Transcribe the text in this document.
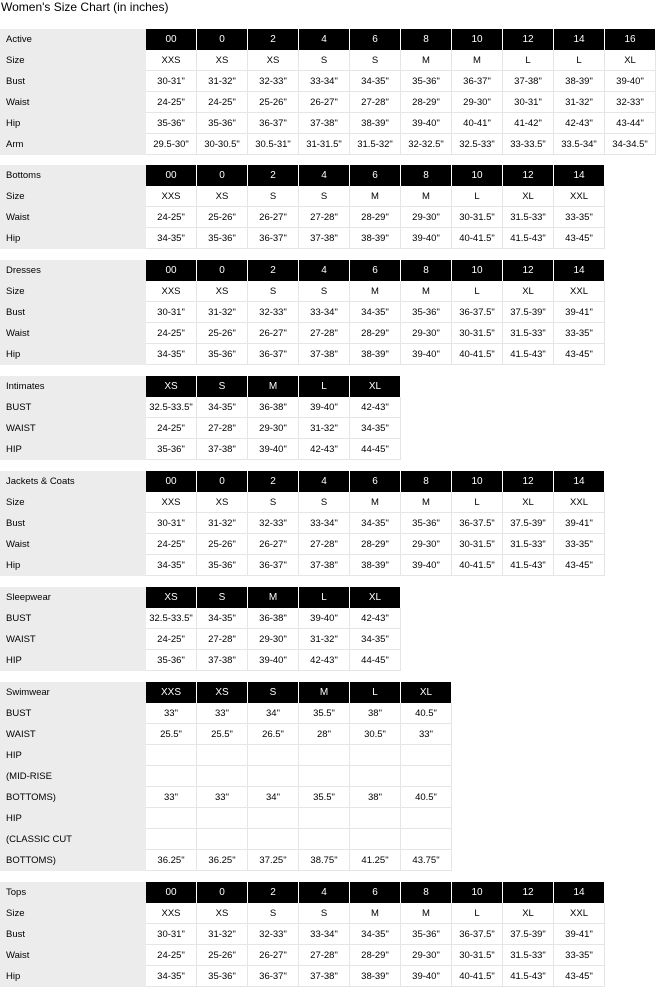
Women's Size Chart (in inches)
Active	00	0	2	4	6	8	10	12	14	16
Size	XXS	XS	XS	S	S	M	M	L	L	XL
Bust	30-31"	31-32"	32-33"	33-34"	34-35"	35-36"	36-37"	37-38"	38-39"	39-40"
Waist	24-25"	24-25"	25-26"	26-27"	27-28"	28-29"	29-30"	30-31"	31-32"	32-33"
Hip	35-36"	35-36"	36-37"	37-38"	38-39"	39-40"	40-41"	41-42"	42-43"	43-44"
Arm	29.5-30"	30-30.5"	30.5-31"	31-31.5"	31.5-32"	32-32.5"	32.5-33"	33-33.5"	33.5-34"	34-34.5"
Bottoms	00	0	2	4	6	8	10	12	14
Size	XXS	XS	S	S	M	M	L	XL	XXL
Waist	24-25"	25-26"	26-27"	27-28"	28-29"	29-30"	30-31.5"	31.5-33"	33-35"
Hip	34-35"	35-36"	36-37"	37-38"	38-39"	39-40"	40-41.5"	41.5-43"	43-45"
Dresses	00	0	2	4	6	8	10	12	14
Size	XXS	XS	S	S	M	M	L	XL	XXL
Bust	30-31"	31-32"	32-33"	33-34"	34-35"	35-36"	36-37.5"	37.5-39"	39-41"
Waist	24-25"	25-26"	26-27"	27-28"	28-29"	29-30"	30-31.5"	31.5-33"	33-35"
Hip	34-35"	35-36"	36-37"	37-38"	38-39"	39-40"	40-41.5"	41.5-43"	43-45"
Intimates	XS	S	M	L	XL
BUST	32.5-33.5"	34-35"	36-38"	39-40"	42-43"
WAIST	24-25"	27-28"	29-30"	31-32"	34-35"
HIP	35-36"	37-38"	39-40"	42-43"	44-45"
Jackets & Coats	00	0	2	4	6	8	10	12	14
Size	XXS	XS	S	S	M	M	L	XL	XXL
Bust	30-31"	31-32"	32-33"	33-34"	34-35"	35-36"	36-37.5"	37.5-39"	39-41"
Waist	24-25"	25-26"	26-27"	27-28"	28-29"	29-30"	30-31.5"	31.5-33"	33-35"
Hip	34-35"	35-36"	36-37"	37-38"	38-39"	39-40"	40-41.5"	41.5-43"	43-45"
Sleepwear	XS	S	M	L	XL
BUST	32.5-33.5"	34-35"	36-38"	39-40"	42-43"
WAIST	24-25"	27-28"	29-30"	31-32"	34-35"
HIP	35-36"	37-38"	39-40"	42-43"	44-45"
Swimwear	XXS	XS	S	M	L	XL
BUST	33"	33"	34"	35.5"	38"	40.5"
WAIST	25.5"	25.5"	26.5"	28"	30.5"	33"
HIP
(MID-RISE
BOTTOMS)	33"	33"	34"	35.5"	38"	40.5"
HIP
(CLASSIC CUT
BOTTOMS)	36.25"	36.25"	37.25"	38.75"	41.25"	43.75"
Tops	00	0	2	4	6	8	10	12	14
Size	XXS	XS	S	S	M	M	L	XL	XXL
Bust	30-31"	31-32"	32-33"	33-34"	34-35"	35-36"	36-37.5"	37.5-39"	39-41"
Waist	24-25"	25-26"	26-27"	27-28"	28-29"	29-30"	30-31.5"	31.5-33"	33-35"
Hip	34-35"	35-36"	36-37"	37-38"	38-39"	39-40"	40-41.5"	41.5-43"	43-45"
